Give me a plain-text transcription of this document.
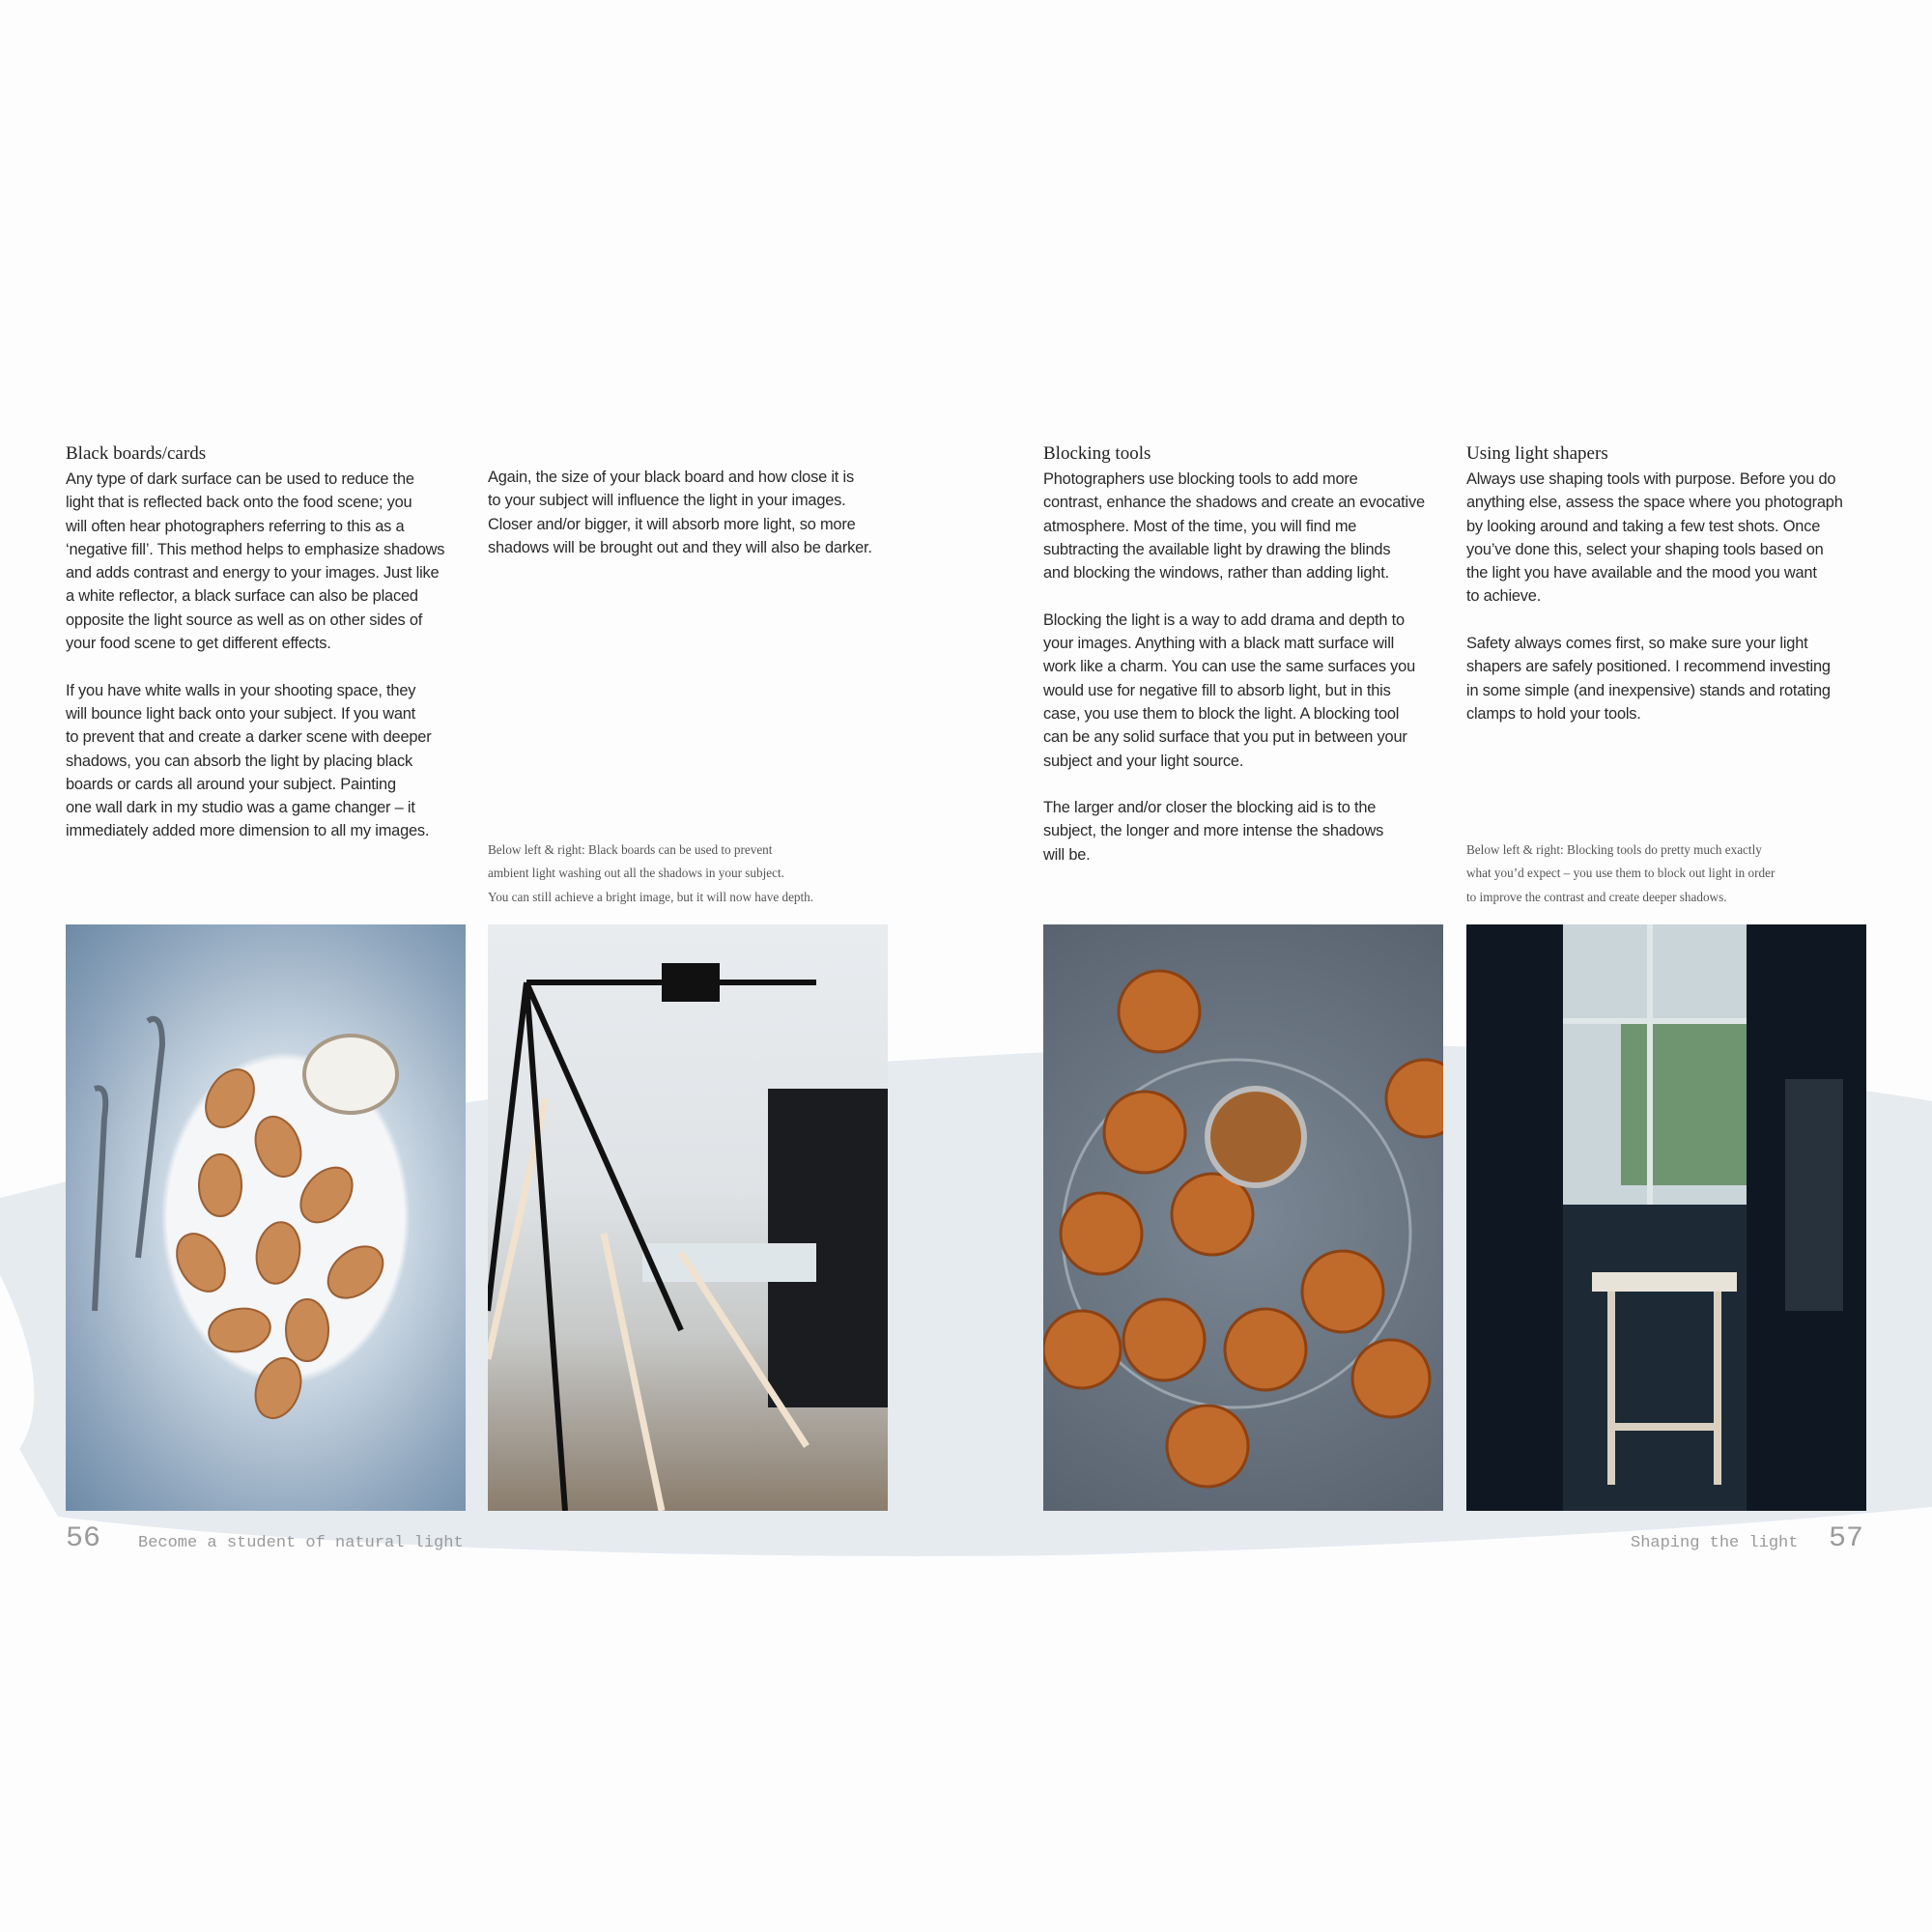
Black boards/cards

Any type of dark surface can be used to reduce the
light that is reflected back onto the food scene; you
will often hear photographers referring to this as a
‘negative fill’. This method helps to emphasize shadows
and adds contrast and energy to your images. Just like
a white reflector, a black surface can also be placed
opposite the light source as well as on other sides of
your food scene to get different effects.

If you have white walls in your shooting space, they
will bounce light back onto your subject. If you want
to prevent that and create a darker scene with deeper
shadows, you can absorb the light by placing black
boards or cards all around your subject. Painting
one wall dark in my studio was a game changer – it
immediately added more dimension to all my images.

Again, the size of your black board and how close it is
to your subject will influence the light in your images.
Closer and/or bigger, it will absorb more light, so more
shadows will be brought out and they will also be darker.

Below left & right: Black boards can be used to prevent
ambient light washing out all the shadows in your subject.
You can still achieve a bright image, but it will now have depth.
Blocking tools

Photographers use blocking tools to add more
contrast, enhance the shadows and create an evocative
atmosphere. Most of the time, you will find me
subtracting the available light by drawing the blinds
and blocking the windows, rather than adding light.

Blocking the light is a way to add drama and depth to
your images. Anything with a black matt surface will
work like a charm. You can use the same surfaces you
would use for negative fill to absorb light, but in this
case, you use them to block the light. A blocking tool
can be any solid surface that you put in between your
subject and your light source.

The larger and/or closer the blocking aid is to the
subject, the longer and more intense the shadows
will be.

Using light shapers

Always use shaping tools with purpose. Before you do
anything else, assess the space where you photograph
by looking around and taking a few test shots. Once
you’ve done this, select your shaping tools based on
the light you have available and the mood you want
to achieve.

Safety always comes first, so make sure your light
shapers are safely positioned. I recommend investing
in some simple (and inexpensive) stands and rotating
clamps to hold your tools.

Below left & right: Blocking tools do pretty much exactly
what you’d expect – you use them to block out light in order
to improve the contrast and create deeper shadows.
56 Become a student of natural light	Shaping the light 57
